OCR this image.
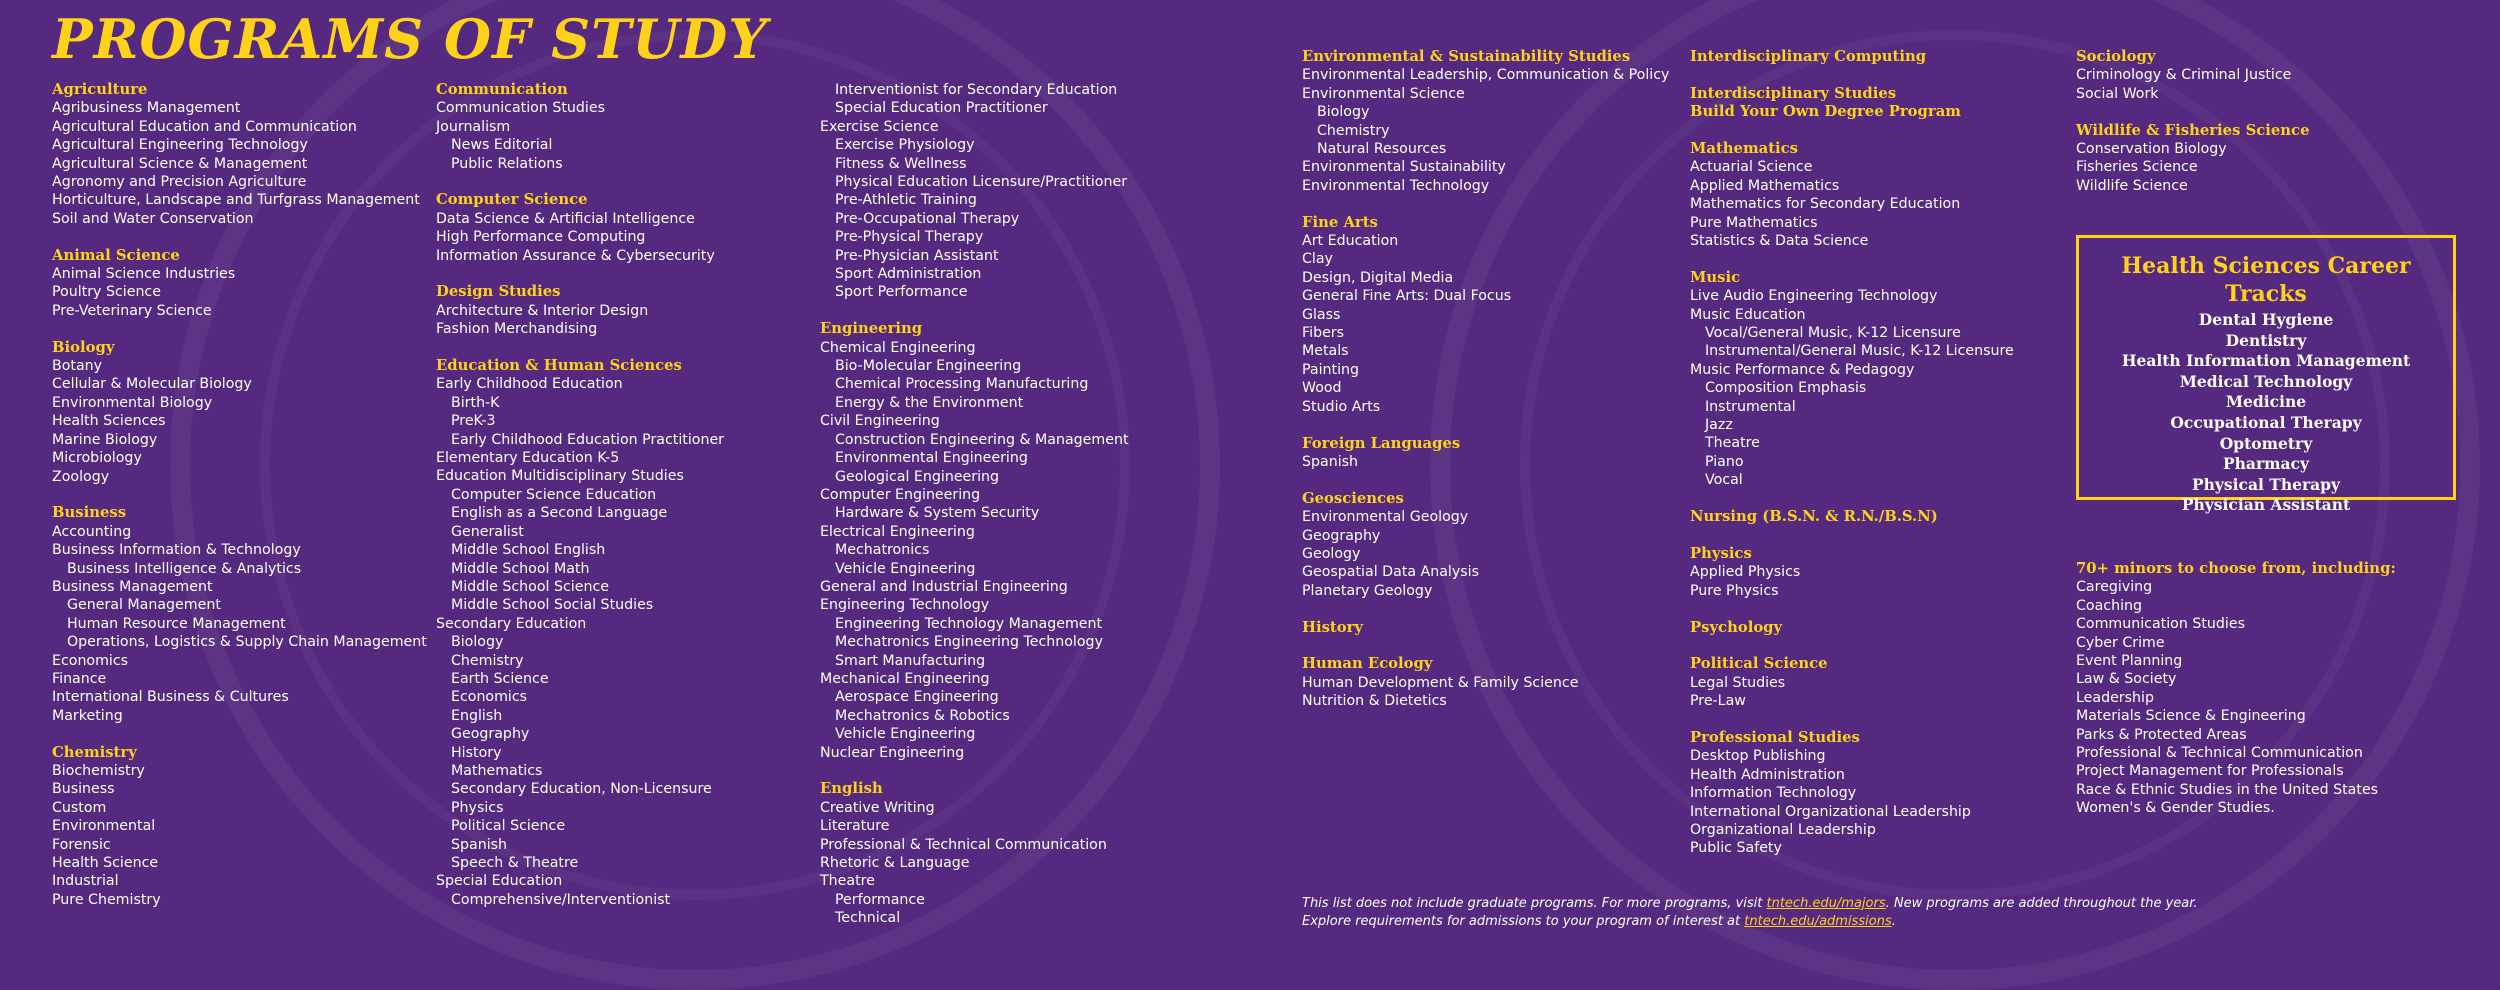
PROGRAMS OF STUDY
Agriculture
Agribusiness Management
Agricultural Education and Communication
Agricultural Engineering Technology
Agricultural Science & Management
Agronomy and Precision Agriculture
Horticulture, Landscape and Turfgrass Management
Soil and Water Conservation
Animal Science
Animal Science Industries
Poultry Science
Pre-Veterinary Science
Biology
Botany
Cellular & Molecular Biology
Environmental Biology
Health Sciences
Marine Biology
Microbiology
Zoology
Business
Accounting
Business Information & Technology
Business Intelligence & Analytics
Business Management
General Management
Human Resource Management
Operations, Logistics & Supply Chain Management
Economics
Finance
International Business & Cultures
Marketing
Chemistry
Biochemistry
Business
Custom
Environmental
Forensic
Health Science
Industrial
Pure Chemistry
Communication
Communication Studies
Journalism
News Editorial
Public Relations
Computer Science
Data Science & Artificial Intelligence
High Performance Computing
Information Assurance & Cybersecurity
Design Studies
Architecture & Interior Design
Fashion Merchandising
Education & Human Sciences
Early Childhood Education
Birth-K
PreK-3
Early Childhood Education Practitioner
Elementary Education K-5
Education Multidisciplinary Studies
Computer Science Education
English as a Second Language
Generalist
Middle School English
Middle School Math
Middle School Science
Middle School Social Studies
Secondary Education
Biology
Chemistry
Earth Science
Economics
English
Geography
History
Mathematics
Secondary Education, Non-Licensure
Physics
Political Science
Spanish
Speech & Theatre
Special Education
Comprehensive/Interventionist
Interventionist for Secondary Education
Special Education Practitioner
Exercise Science
Exercise Physiology
Fitness & Wellness
Physical Education Licensure/Practitioner
Pre-Athletic Training
Pre-Occupational Therapy
Pre-Physical Therapy
Pre-Physician Assistant
Sport Administration
Sport Performance
Engineering
Chemical Engineering
Bio-Molecular Engineering
Chemical Processing Manufacturing
Energy & the Environment
Civil Engineering
Construction Engineering & Management
Environmental Engineering
Geological Engineering
Computer Engineering
Hardware & System Security
Electrical Engineering
Mechatronics
Vehicle Engineering
General and Industrial Engineering
Engineering Technology
Engineering Technology Management
Mechatronics Engineering Technology
Smart Manufacturing
Mechanical Engineering
Aerospace Engineering
Mechatronics & Robotics
Vehicle Engineering
Nuclear Engineering
English
Creative Writing
Literature
Professional & Technical Communication
Rhetoric & Language
Theatre
Performance
Technical
Environmental & Sustainability Studies
Environmental Leadership, Communication & Policy
Environmental Science
Biology
Chemistry
Natural Resources
Environmental Sustainability
Environmental Technology
Fine Arts
Art Education
Clay
Design, Digital Media
General Fine Arts: Dual Focus
Glass
Fibers
Metals
Painting
Wood
Studio Arts
Foreign Languages
Spanish
Geosciences
Environmental Geology
Geography
Geology
Geospatial Data Analysis
Planetary Geology
History
Human Ecology
Human Development & Family Science
Nutrition & Dietetics
Interdisciplinary Computing
Interdisciplinary Studies
Build Your Own Degree Program
Mathematics
Actuarial Science
Applied Mathematics
Mathematics for Secondary Education
Pure Mathematics
Statistics & Data Science
Music
Live Audio Engineering Technology
Music Education
Vocal/General Music, K-12 Licensure
Instrumental/General Music, K-12 Licensure
Music Performance & Pedagogy
Composition Emphasis
Instrumental
Jazz
Theatre
Piano
Vocal
Nursing (B.S.N. & R.N./B.S.N)
Physics
Applied Physics
Pure Physics
Psychology
Political Science
Legal Studies
Pre-Law
Professional Studies
Desktop Publishing
Health Administration
Information Technology
International Organizational Leadership
Organizational Leadership
Public Safety
Sociology
Criminology & Criminal Justice
Social Work
Wildlife & Fisheries Science
Conservation Biology
Fisheries Science
Wildlife Science
Health Sciences Career Tracks
Dental Hygiene
Dentistry
Health Information Management
Medical Technology
Medicine
Occupational Therapy
Optometry
Pharmacy
Physical Therapy
Physician Assistant
70+ minors to choose from, including:
Caregiving
Coaching
Communication Studies
Cyber Crime
Event Planning
Law & Society
Leadership
Materials Science & Engineering
Parks & Protected Areas
Professional & Technical Communication
Project Management for Professionals
Race & Ethnic Studies in the United States
Women's & Gender Studies.
This list does not include graduate programs. For more programs, visit tntech.edu/majors. New programs are added throughout the year.
Explore requirements for admissions to your program of interest at tntech.edu/admissions.
